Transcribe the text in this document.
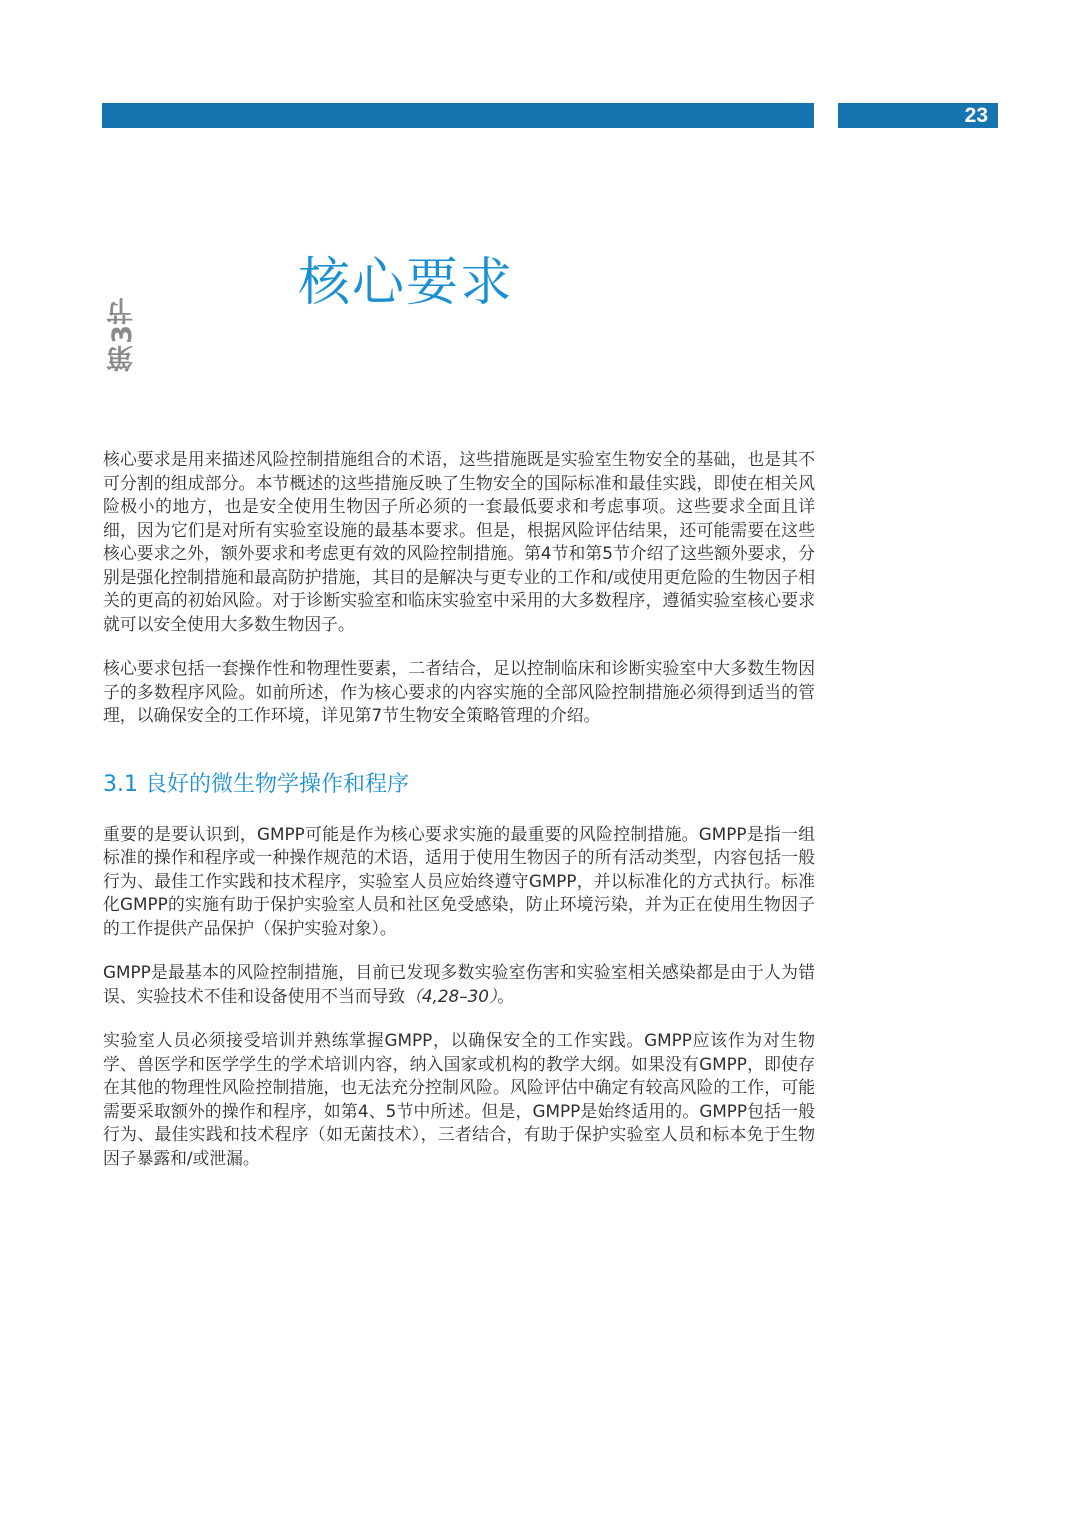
23
第3节
核心要求

核心要求是用来描述风险控制措施组合的术语，这些措施既是实验室生物安全的基础，也是其不可分割的组成部分。本节概述的这些措施反映了生物安全的国际标准和最佳实践，即使在相关风险极小的地方，也是安全使用生物因子所必须的一套最低要求和考虑事项。这些要求全面且详细，因为它们是对所有实验室设施的最基本要求。但是，根据风险评估结果，还可能需要在这些核心要求之外，额外要求和考虑更有效的风险控制措施。第4节和第5节介绍了这些额外要求，分别是强化控制措施和最高防护措施，其目的是解决与更专业的工作和/或使用更危险的生物因子相关的更高的初始风险。对于诊断实验室和临床实验室中采用的大多数程序，遵循实验室核心要求就可以安全使用大多数生物因子。

核心要求包括一套操作性和物理性要素，二者结合，足以控制临床和诊断实验室中大多数生物因子的多数程序风险。如前所述，作为核心要求的内容实施的全部风险控制措施必须得到适当的管理，以确保安全的工作环境，详见第7节生物安全策略管理的介绍。

3.1 良好的微生物学操作和程序

重要的是要认识到，GMPP可能是作为核心要求实施的最重要的风险控制措施。GMPP是指一组标准的操作和程序或一种操作规范的术语，适用于使用生物因子的所有活动类型，内容包括一般行为、最佳工作实践和技术程序，实验室人员应始终遵守GMPP，并以标准化的方式执行。标准化GMPP的实施有助于保护实验室人员和社区免受感染，防止环境污染，并为正在使用生物因子的工作提供产品保护（保护实验对象）。

GMPP是最基本的风险控制措施，目前已发现多数实验室伤害和实验室相关感染都是由于人为错误、实验技术不佳和设备使用不当而导致（4,28–30）。

实验室人员必须接受培训并熟练掌握GMPP，以确保安全的工作实践。GMPP应该作为对生物学、兽医学和医学学生的学术培训内容，纳入国家或机构的教学大纲。如果没有GMPP，即使存在其他的物理性风险控制措施，也无法充分控制风险。风险评估中确定有较高风险的工作，可能需要采取额外的操作和程序，如第4、5节中所述。但是，GMPP是始终适用的。GMPP包括一般行为、最佳实践和技术程序（如无菌技术），三者结合，有助于保护实验室人员和标本免于生物因子暴露和/或泄漏。
